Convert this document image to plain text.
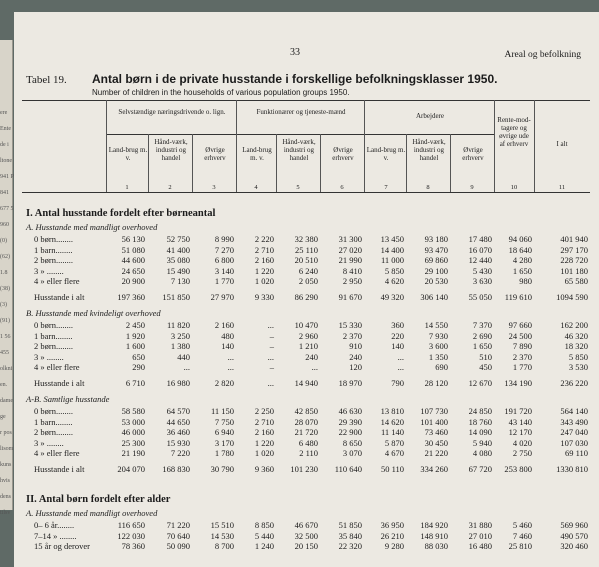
ere
Ente
de i
ltone
941 P
841
677 5
960
(0)
(62)
1.8
(38)
(3)
(91)
1 56
455
olkni
en.
dame
ge
r pos
lisom
kuns
hvis
dens
tilsv
33	Areal og befolkning
Tabel 19. Antal børn i de private husstande i forskellige befolkningsklasser 1950.
Number of children in the households of various population groups 1950.
Selvstændige næringsdrivende o. lign.	Funktionærer og tjeneste-mænd	Arbejdere	Rente-mod-tagere og øvrige ude af erhverv	I alt
Land-brug m. v.
Hånd-værk, industri og handel
Øvrige erhverv
Land-brug m. v.
Hånd-værk, industri og handel
Øvrige erhverv
Land-brug m. v.
Hånd-værk, industri og handel
Øvrige erhverv
1	2	3	4	5	6	7	8	9	10	11
I. Antal husstande fordelt efter børneantal
A. Husstande med mandligt overhoved
0 børn........	56 130	52 750	8 990	2 220	32 380	31 300	13 450	93 180	17 480	94 060	401 940
1 barn........	51 080	41 400	7 270	2 710	25 110	27 020	14 400	93 470	16 070	18 640	297 170
2 børn........	44 600	35 080	6 800	2 160	20 510	21 990	11 000	69 860	12 440	4 280	228 720
3 » ........	24 650	15 490	3 140	1 220	6 240	8 410	5 850	29 100	5 430	1 650	101 180
4 » eller flere	20 900	7 130	1 770	1 020	2 050	2 950	4 620	20 530	3 630	980	65 580
Husstande i alt	197 360	151 850	27 970	9 330	86 290	91 670	49 320	306 140	55 050	119 610	1094 590
B. Husstande med kvindeligt overhoved
0 børn........	2 450	11 820	2 160	...	10 470	15 330	360	14 550	7 370	97 660	162 200
1 barn........	1 920	3 250	480	–	2 960	2 370	220	7 930	2 690	24 500	46 320
2 børn........	1 600	1 380	140	–	1 210	910	140	3 600	1 650	7 890	18 320
3 » ........	650	440	...	...	240	240	...	1 350	510	2 370	5 850
4 » eller flere	290	...	...	–	...	120	...	690	450	1 770	3 530
Husstande i alt	6 710	16 980	2 820	...	14 940	18 970	790	28 120	12 670	134 190	236 220
A-B. Samtlige husstande
0 børn........	58 580	64 570	11 150	2 250	42 850	46 630	13 810	107 730	24 850	191 720	564 140
1 barn........	53 000	44 650	7 750	2 710	28 070	29 390	14 620	101 400	18 760	43 140	343 490
2 børn........	46 000	36 460	6 940	2 160	21 720	22 900	11 140	73 460	14 090	12 170	247 040
3 » ........	25 300	15 930	3 170	1 220	6 480	8 650	5 870	30 450	5 940	4 020	107 030
4 » eller flere	21 190	7 220	1 780	1 020	2 110	3 070	4 670	21 220	4 080	2 750	69 110
Husstande i alt	204 070	168 830	30 790	9 360	101 230	110 640	50 110	334 260	67 720	253 800	1330 810
II. Antal børn fordelt efter alder
A. Husstande med mandligt overhoved
0– 6 år........	116 650	71 220	15 510	8 850	46 670	51 850	36 950	184 920	31 880	5 460	569 960
7–14 » ........	122 030	70 640	14 530	5 440	32 500	35 840	26 210	148 910	27 010	7 460	490 570
15 år og derover	78 360	50 090	8 700	1 240	20 150	22 320	9 280	88 030	16 480	25 810	320 460
